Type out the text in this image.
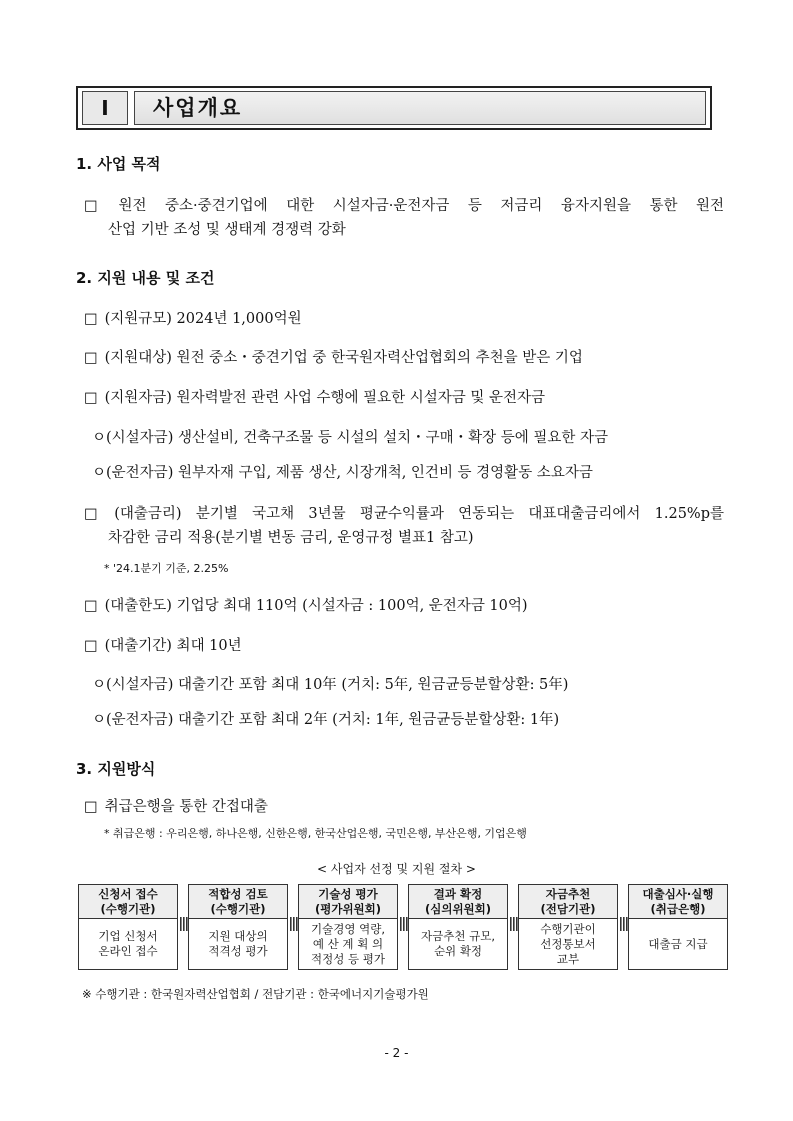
Ⅰ	사업개요
1. 사업 목적
□ 원전 중소·중견기업에 대한 시설자금·운전자금 등 저금리 융자지원을 통한 원전
산업 기반 조성 및 생태계 경쟁력 강화
2. 지원 내용 및 조건
□ (지원규모) 2024년 1,000억원
□ (지원대상) 원전 중소・중견기업 중 한국원자력산업협회의 추천을 받은 기업
□ (지원자금) 원자력발전 관련 사업 수행에 필요한 시설자금 및 운전자금
ㅇ(시설자금) 생산설비, 건축구조물 등 시설의 설치・구매・확장 등에 필요한 자금
ㅇ(운전자금) 원부자재 구입, 제품 생산, 시장개척, 인건비 등 경영활동 소요자금
□ (대출금리) 분기별 국고채 3년물 평균수익률과 연동되는 대표대출금리에서 1.25%p를
차감한 금리 적용(분기별 변동 금리, 운영규정 별표1 참고)
* '24.1분기 기준, 2.25%
□ (대출한도) 기업당 최대 110억 (시설자금 : 100억, 운전자금 10억)
□ (대출기간) 최대 10년
ㅇ(시설자금) 대출기간 포함 최대 10年 (거치: 5年, 원금균등분할상환: 5年)
ㅇ(운전자금) 대출기간 포함 최대 2年 (거치: 1年, 원금균등분할상환: 1年)
3. 지원방식
□ 취급은행을 통한 간접대출
* 취급은행 : 우리은행, 하나은행, 신한은행, 한국산업은행, 국민은행, 부산은행, 기업은행
< 사업자 선정 및 지원 절차 >
신청서 접수
(수행기관)
기업 신청서
온라인 접수
적합성 검토
(수행기관)
지원 대상의
적격성 평가
기술성 평가
(평가위원회)
기술경영 역량,
예 산 계 획 의
적정성 등 평가
결과 확정
(심의위원회)
자금추천 규모,
순위 확정
자금추천
(전담기관)
수행기관이
선정통보서
교부
대출심사·실행
(취급은행)
대출금 지급
※ 수행기관 : 한국원자력산업협회 / 전담기관 : 한국에너지기술평가원
- 2 -
